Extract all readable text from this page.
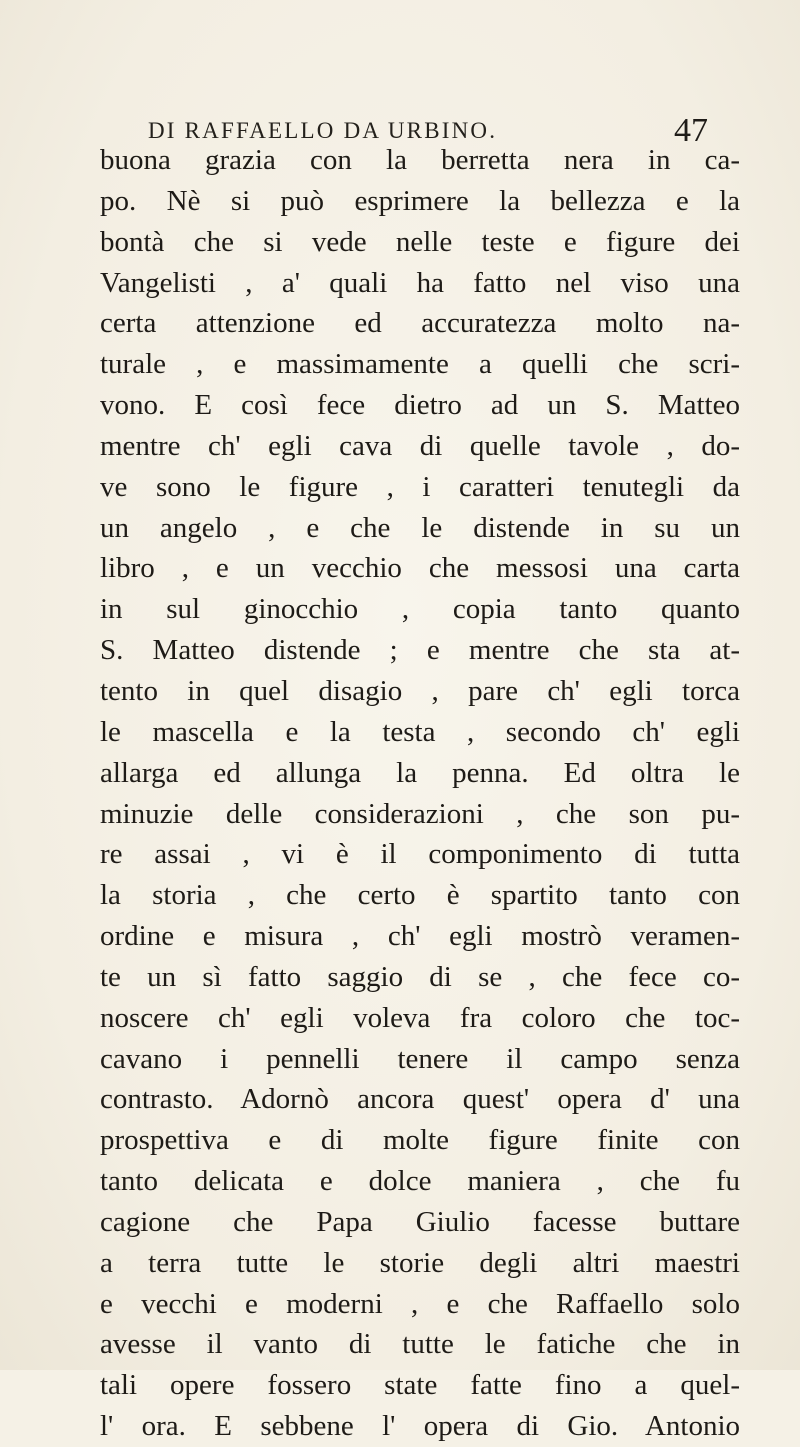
DI RAFFAELLO DA URBINO.	47
buona grazia con la berretta nera in ca-
po. Nè si può esprimere la bellezza e la
bontà che si vede nelle teste e figure dei
Vangelisti , a' quali ha fatto nel viso una
certa attenzione ed accuratezza molto na-
turale , e massimamente a quelli che scri-
vono. E così fece dietro ad un S. Matteo
mentre ch' egli cava di quelle tavole , do-
ve sono le figure , i caratteri tenutegli da
un angelo , e che le distende in su un
libro , e un vecchio che messosi una carta
in sul ginocchio , copia tanto quanto
S. Matteo distende ; e mentre che sta at-
tento in quel disagio , pare ch' egli torca
le mascella e la testa , secondo ch' egli
allarga ed allunga la penna. Ed oltra le
minuzie delle considerazioni , che son pu-
re assai , vi è il componimento di tutta
la storia , che certo è spartito tanto con
ordine e misura , ch' egli mostrò veramen-
te un sì fatto saggio di se , che fece co-
noscere ch' egli voleva fra coloro che toc-
cavano i pennelli tenere il campo senza
contrasto. Adornò ancora quest' opera d' una
prospettiva e di molte figure finite con
tanto delicata e dolce maniera , che fu
cagione che Papa Giulio facesse buttare
a terra tutte le storie degli altri maestri
e vecchi e moderni , e che Raffaello solo
avesse il vanto di tutte le fatiche che in
tali opere fossero state fatte fino a quel-
l' ora. E sebbene l' opera di Gio. Antonio
